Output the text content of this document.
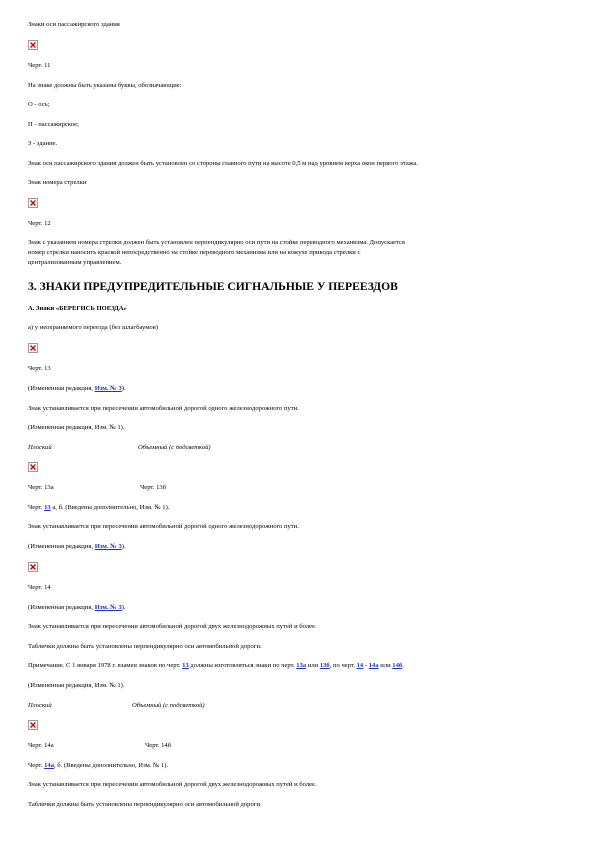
Знаки оси пассажирского здания
Черт. 11
На знаке должны быть указаны буквы, обозначающие:
О - ось;
П - пассажирское;
З - здание.
Знак оси пассажирского здания должен быть установлен со стороны главного пути на высоте 0,5 м над уровнем верха окон первого этажа.
Знак номера стрелки
Черт. 12
Знак с указанием номера стрелки должен быть установлен перпендикулярно оси пути на стойке переводного механизма. Допускается
номер стрелки наносить краской непосредственно на стойке переводного механизма или на кожухе привода стрелки с
централизованным управлением.
3. ЗНАКИ ПРЕДУПРЕДИТЕЛЬНЫЕ СИГНАЛЬНЫЕ У ПЕРЕЕЗДОВ
А. Знаки «БЕРЕГИСЬ ПОЕЗДА»
а) у неохраняемого переезда (без шлагбаумов)
Черт. 13
(Измененная редакция, Изм. № 3).
Знак устанавливается при пересечении автомобильной дорогой одного железнодорожного пути.
(Измененная редакция, Изм. № 1).
Плоский	Объемный (с подсветкой)
Черт. 13а	Черт. 13б
Черт. 13 а, б. (Введены дополнительно, Изм. № 1).
Знак устанавливается при пересечении автомобильной дорогой одного железнодорожного пути.
(Измененная редакция, Изм. № 3).
Черт. 14
(Измененная редакция, Изм. № 3).
Знак устанавливается при пересечении автомобильной дорогой двух железнодорожных путей и более.
Таблички должны быть установлены перпендикулярно оси автомобильной дороги.
Примечание. С 1 января 1978 г. взамен знаков по черт. 13 должны изготовляться знаки по черт. 13а или 13б, по черт. 14 - 14а или 14б.
(Измененная редакция, Изм. № 1).
Плоский	Объемный (с подсветкой)
Черт. 14а	Черт. 14б
Черт. 14а, б. (Введены дополнительно, Изм. № 1).
Знак устанавливается при пересечении автомобильной дорогой двух железнодорожных путей и более.
Таблички должны быть установлены перпендикулярно оси автомобильной дороги.
